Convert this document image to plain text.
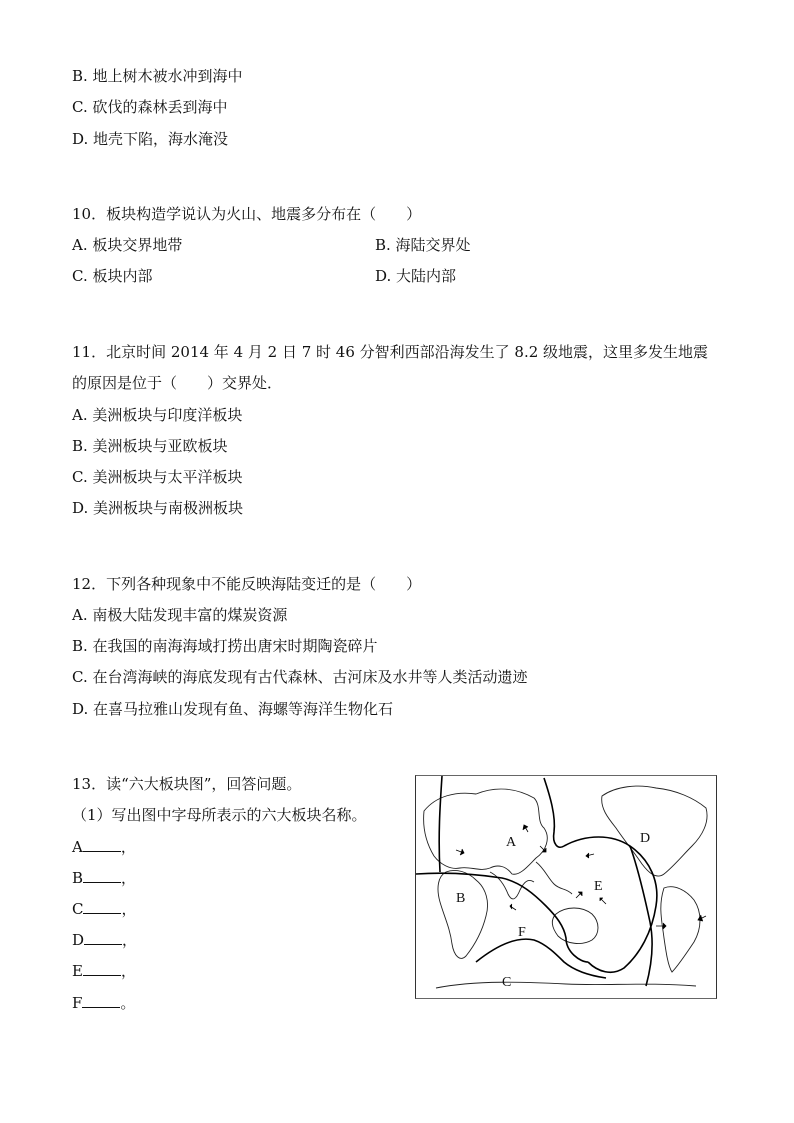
B. 地上树木被水冲到海中
C. 砍伐的森林丢到海中
D. 地壳下陷，海水淹没
10．板块构造学说认为火山、地震多分布在（　　）
A. 板块交界地带	B. 海陆交界处
C. 板块内部	D. 大陆内部
11．北京时间 2014 年 4 月 2 日 7 时 46 分智利西部沿海发生了 8.2 级地震，这里多发生地震
的原因是位于（　　）交界处．
A. 美洲板块与印度洋板块
B. 美洲板块与亚欧板块
C. 美洲板块与太平洋板块
D. 美洲板块与南极洲板块
12．下列各种现象中不能反映海陆变迁的是（　　）
A. 南极大陆发现丰富的煤炭资源
B. 在我国的南海海域打捞出唐宋时期陶瓷碎片
C. 在台湾海峡的海底发现有古代森林、古河床及水井等人类活动遗迹
D. 在喜马拉雅山发现有鱼、海螺等海洋生物化石
13．读“六大板块图”，回答问题。
（1）写出图中字母所表示的六大板块名称。
A	，
B	，
C	，
D	，
E	，
F	。
A
B
C
D
E
F
